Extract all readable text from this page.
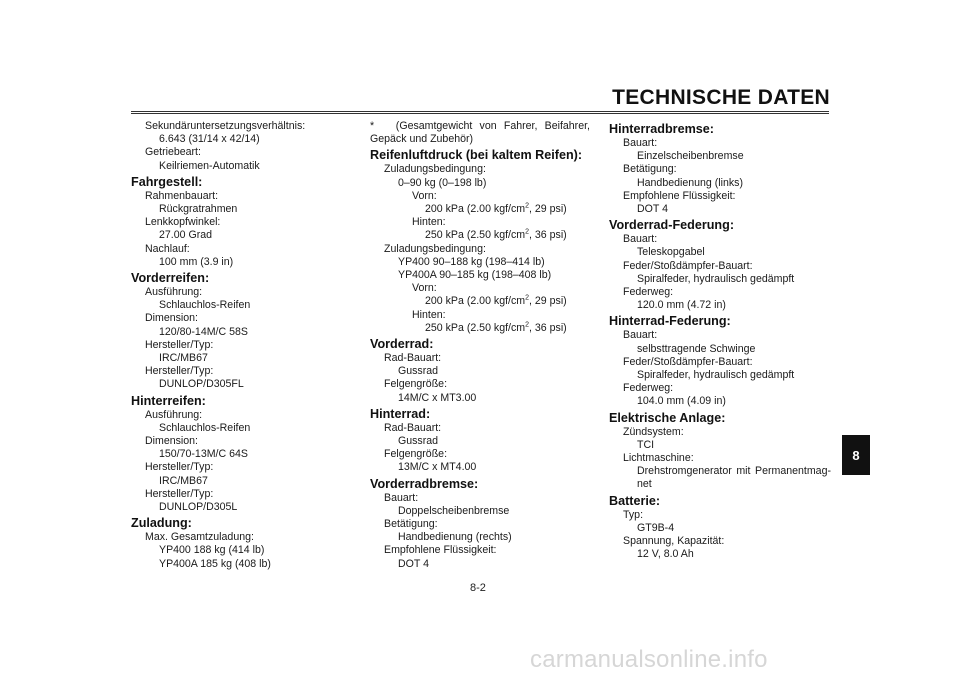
TECHNISCHE DATEN
Sekundäruntersetzungsverhältnis:
6.643 (31/14 x 42/14)
Getriebeart:
Keilriemen-Automatik
Fahrgestell:
Rahmenbauart:
Rückgratrahmen
Lenkkopfwinkel:
27.00 Grad
Nachlauf:
100 mm (3.9 in)
Vorderreifen:
Ausführung:
Schlauchlos-Reifen
Dimension:
120/80-14M/C 58S
Hersteller/Typ:
IRC/MB67
Hersteller/Typ:
DUNLOP/D305FL
Hinterreifen:
Ausführung:
Schlauchlos-Reifen
Dimension:
150/70-13M/C 64S
Hersteller/Typ:
IRC/MB67
Hersteller/Typ:
DUNLOP/D305L
Zuladung:
Max. Gesamtzuladung:
YP400 188 kg (414 lb)
YP400A 185 kg (408 lb)
* (Gesamtgewicht von Fahrer, Beifahrer,
Gepäck und Zubehör)
Reifenluftdruck (bei kaltem Reifen):
Zuladungsbedingung:
0–90 kg (0–198 lb)
Vorn:
200 kPa (2.00 kgf/$cm^2$, 29 psi)
Hinten:
250 kPa (2.50 kgf/$cm^2$, 36 psi)
Zuladungsbedingung:
YP400 90–188 kg (198–414 lb)
YP400A 90–185 kg (198–408 lb)
Vorn:
200 kPa (2.00 kgf/$cm^2$, 29 psi)
Hinten:
250 kPa (2.50 kgf/$cm^2$, 36 psi)
Vorderrad:
Rad-Bauart:
Gussrad
Felgengröße:
14M/C x MT3.00
Hinterrad:
Rad-Bauart:
Gussrad
Felgengröße:
13M/C x MT4.00
Vorderradbremse:
Bauart:
Doppelscheibenbremse
Betätigung:
Handbedienung (rechts)
Empfohlene Flüssigkeit:
DOT 4
Hinterradbremse:
Bauart:
Einzelscheibenbremse
Betätigung:
Handbedienung (links)
Empfohlene Flüssigkeit:
DOT 4
Vorderrad-Federung:
Bauart:
Teleskopgabel
Feder/Stoßdämpfer-Bauart:
Spiralfeder, hydraulisch gedämpft
Federweg:
120.0 mm (4.72 in)
Hinterrad-Federung:
Bauart:
selbsttragende Schwinge
Feder/Stoßdämpfer-Bauart:
Spiralfeder, hydraulisch gedämpft
Federweg:
104.0 mm (4.09 in)
Elektrische Anlage:
Zündsystem:
TCI
Lichtmaschine:
Drehstromgenerator mit Permanentmag-
net
Batterie:
Typ:
GT9B-4
Spannung, Kapazität:
12 V, 8.0 Ah
8
8-2
carmanualsonline.info
